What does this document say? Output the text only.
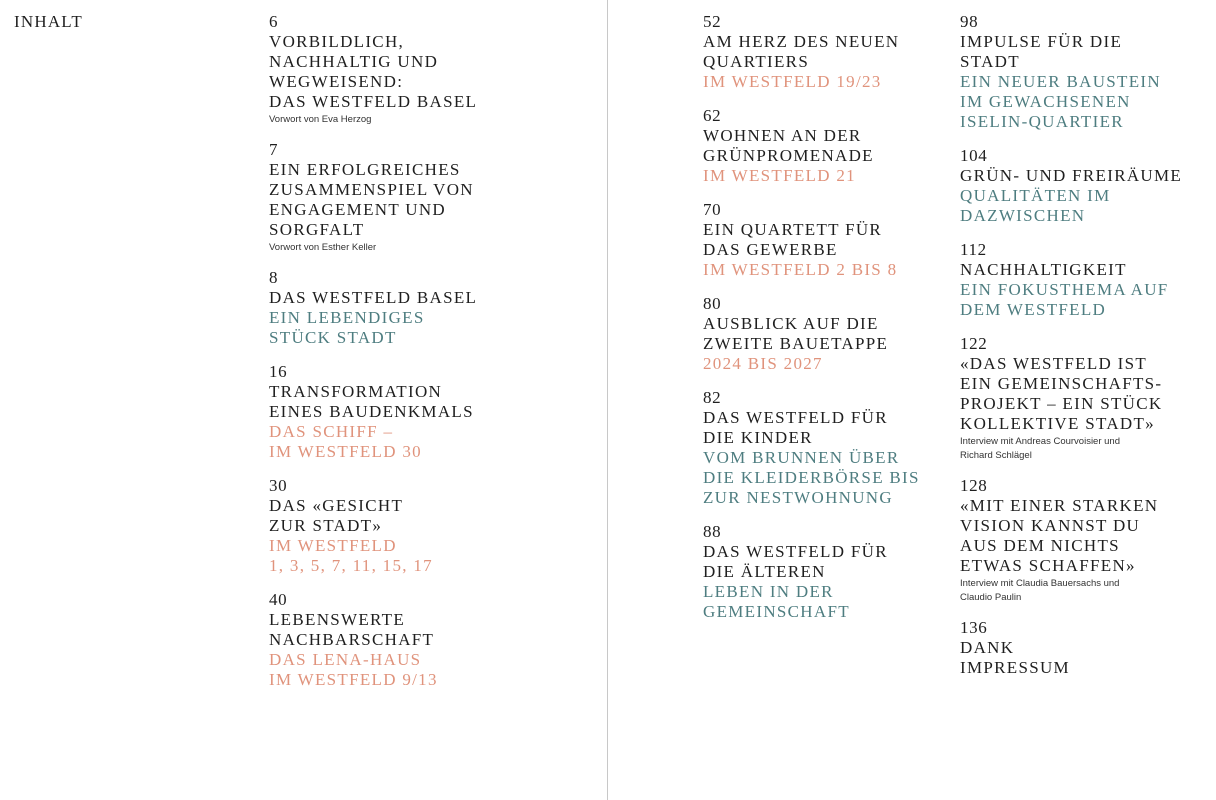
INHALT	6
VORBILDLICH,
NACHHALTIG UND
WEGWEISEND:
DAS WESTFELD BASEL
Vorwort von Eva Herzog
7
EIN ERFOLGREICHES
ZUSAMMENSPIEL VON
ENGAGEMENT UND
SORGFALT
Vorwort von Esther Keller
8
DAS WESTFELD BASEL
EIN LEBENDIGES
STÜCK STADT
16
TRANSFORMATION
EINES BAUDENKMALS
DAS SCHIFF –
IM WESTFELD 30
30
DAS «GESICHT
ZUR STADT»
IM WESTFELD
1, 3, 5, 7, 11, 15, 17
40
LEBENSWERTE
NACHBARSCHAFT
DAS LENA-HAUS
IM WESTFELD 9/13
52
AM HERZ DES NEUEN
QUARTIERS
IM WESTFELD 19/23
62
WOHNEN AN DER
GRÜNPROMENADE
IM WESTFELD 21
70
EIN QUARTETT FÜR
DAS GEWERBE
IM WESTFELD 2 BIS 8
80
AUSBLICK AUF DIE
ZWEITE BAUETAPPE
2024 BIS 2027
82
DAS WESTFELD FÜR
DIE KINDER
VOM BRUNNEN ÜBER
DIE KLEIDERBÖRSE BIS
ZUR NESTWOHNUNG
88
DAS WESTFELD FÜR
DIE ÄLTEREN
LEBEN IN DER
GEMEINSCHAFT
98
IMPULSE FÜR DIE
STADT
EIN NEUER BAUSTEIN
IM GEWACHSENEN
ISELIN-QUARTIER
104
GRÜN- UND FREIRÄUME
QUALITÄTEN IM
DAZWISCHEN
112
NACHHALTIGKEIT
EIN FOKUSTHEMA AUF
DEM WESTFELD
122
«DAS WESTFELD IST
EIN GEMEINSCHAFTS-
PROJEKT – EIN STÜCK
KOLLEKTIVE STADT»
Interview mit Andreas Courvoisier und
Richard Schlägel
128
«MIT EINER STARKEN
VISION KANNST DU
AUS DEM NICHTS
ETWAS SCHAFFEN»
Interview mit Claudia Bauersachs und
Claudio Paulin
136
DANK
IMPRESSUM
